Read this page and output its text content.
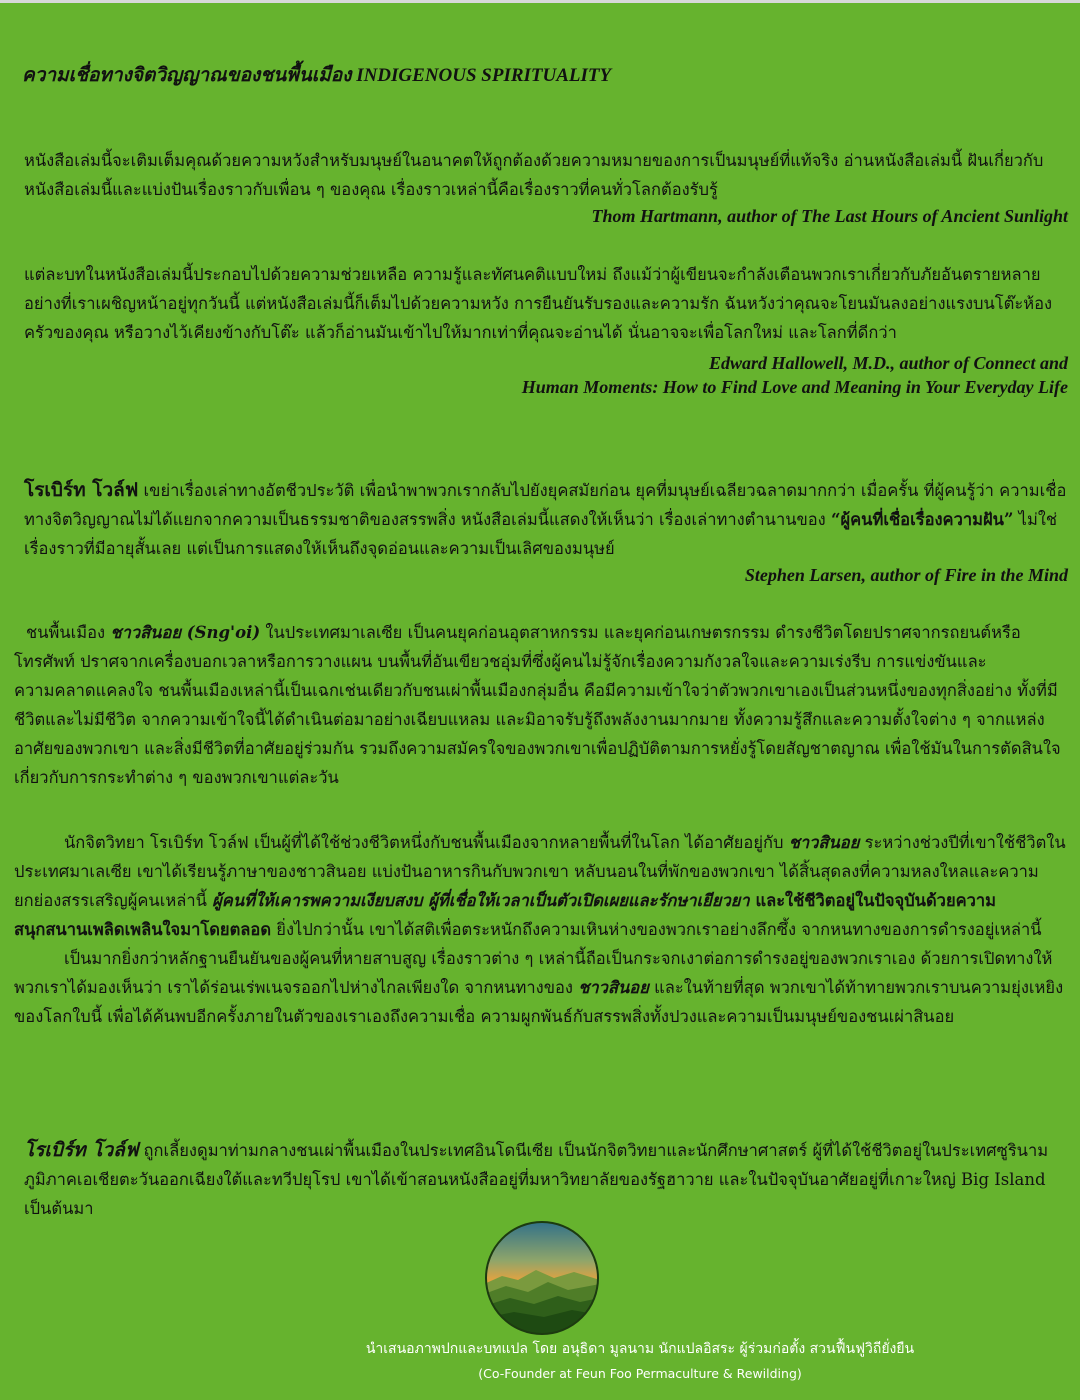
ความเชื่อทางจิตวิญญาณของชนพื้นเมือง INDIGENOUS SPIRITUALITY

หนังสือเล่มนี้จะเติมเต็มคุณด้วยความหวังสำหรับมนุษย์ในอนาคตให้ถูกต้องด้วยความหมายของการเป็นมนุษย์ที่แท้จริง อ่านหนังสือเล่มนี้ ฝันเกี่ยวกับหนังสือเล่มนี้และแบ่งปันเรื่องราวกับเพื่อน ๆ ของคุณ เรื่องราวเหล่านี้คือเรื่องราวที่คนทั่วโลกต้องรับรู้

Thom Hartmann, author of The Last Hours of Ancient Sunlight

แต่ละบทในหนังสือเล่มนี้ประกอบไปด้วยความช่วยเหลือ ความรู้และทัศนคติแบบใหม่ ถึงแม้ว่าผู้เขียนจะกำลังเตือนพวกเราเกี่ยวกับภัยอันตรายหลายอย่างที่เราเผชิญหน้าอยู่ทุกวันนี้ แต่หนังสือเล่มนี้ก็เต็มไปด้วยความหวัง การยืนยันรับรองและความรัก ฉันหวังว่าคุณจะโยนมันลงอย่างแรงบนโต๊ะห้องครัวของคุณ หรือวางไว้เคียงข้างกับโต๊ะ แล้วก็อ่านมันเข้าไปให้มากเท่าที่คุณจะอ่านได้ นั่นอาจจะเพื่อโลกใหม่ และโลกที่ดีกว่า

Edward Hallowell, M.D., author of Connect and

Human Moments: How to Find Love and Meaning in Your Everyday Life

โรเบิร์ท โวล์ฟ เขย่าเรื่องเล่าทางอัตชีวประวัติ เพื่อนำพาพวกเรากลับไปยังยุคสมัยก่อน ยุคที่มนุษย์เฉลียวฉลาดมากกว่า เมื่อครั้น ที่ผู้คนรู้ว่า ความเชื่อทางจิตวิญญาณไม่ได้แยกจากความเป็นธรรมชาติของสรรพสิ่ง หนังสือเล่มนี้แสดงให้เห็นว่า เรื่องเล่าทางตำนานของ “ผู้คนที่เชื่อเรื่องความฝัน” ไม่ใช่เรื่องราวที่มีอายุสั้นเลย แต่เป็นการแสดงให้เห็นถึงจุดอ่อนและความเป็นเลิศของมนุษย์

Stephen Larsen, author of Fire in the Mind

ชนพื้นเมือง ชาวสินอย (Sng'oi) ในประเทศมาเลเซีย เป็นคนยุคก่อนอุตสาหกรรม และยุคก่อนเกษตรกรรม ดำรงชีวิตโดยปราศจากรถยนต์หรือโทรศัพท์ ปราศจากเครื่องบอกเวลาหรือการวางแผน บนพื้นที่อันเขียวชอุ่มที่ซึ่งผู้คนไม่รู้จักเรื่องความกังวลใจและความเร่งรีบ การแข่งขันและความคลาดแคลงใจ ชนพื้นเมืองเหล่านี้เป็นเฉกเช่นเดียวกับชนเผ่าพื้นเมืองกลุ่มอื่น คือมีความเข้าใจว่าตัวพวกเขาเองเป็นส่วนหนึ่งของทุกสิ่งอย่าง ทั้งที่มีชีวิตและไม่มีชีวิต จากความเข้าใจนี้ได้ดำเนินต่อมาอย่างเฉียบแหลม และมิอาจรับรู้ถึงพลังงานมากมาย ทั้งความรู้สึกและความตั้งใจต่าง ๆ จากแหล่งอาศัยของพวกเขา และสิ่งมีชีวิตที่อาศัยอยู่ร่วมกัน รวมถึงความสมัครใจของพวกเขาเพื่อปฏิบัติตามการหยั่งรู้โดยสัญชาตญาณ เพื่อใช้มันในการตัดสินใจเกี่ยวกับการกระทำต่าง ๆ ของพวกเขาแต่ละวัน

นักจิตวิทยา โรเบิร์ท โวล์ฟ เป็นผู้ที่ได้ใช้ช่วงชีวิตหนึ่งกับชนพื้นเมืองจากหลายพื้นที่ในโลก ได้อาศัยอยู่กับ ชาวสินอย ระหว่างช่วงปีที่เขาใช้ชีวิตในประเทศมาเลเซีย เขาได้เรียนรู้ภาษาของชาวสินอย แบ่งปันอาหารกินกับพวกเขา หลับนอนในที่พักของพวกเขา ได้สิ้นสุดลงที่ความหลงใหลและความยกย่องสรรเสริญผู้คนเหล่านี้ ผู้คนที่ให้เคารพความเงียบสงบ ผู้ที่เชื่อให้เวลาเป็นตัวเปิดเผยและรักษาเยียวยา และใช้ชีวิตอยู่ในปัจจุบันด้วยความสนุกสนานเพลิดเพลินใจมาโดยตลอด ยิ่งไปกว่านั้น เขาได้สติเพื่อตระหนักถึงความเหินห่างของพวกเราอย่างลึกซึ้ง จากหนทางของการดำรงอยู่เหล่านี้

เป็นมากยิ่งกว่าหลักฐานยืนยันของผู้คนที่หายสาบสูญ เรื่องราวต่าง ๆ เหล่านี้ถือเป็นกระจกเงาต่อการดำรงอยู่ของพวกเราเอง ด้วยการเปิดทางให้พวกเราได้มองเห็นว่า เราได้ร่อนเร่พเนจรออกไปห่างไกลเพียงใด จากหนทางของ ชาวสินอย และในท้ายที่สุด พวกเขาได้ท้าทายพวกเราบนความยุ่งเหยิงของโลกใบนี้ เพื่อได้ค้นพบอีกครั้งภายในตัวของเราเองถึงความเชื่อ ความผูกพันธ์กับสรรพสิ่งทั้งปวงและความเป็นมนุษย์ของชนเผ่าสินอย

โรเบิร์ท โวล์ฟ ถูกเลี้ยงดูมาท่ามกลางชนเผ่าพื้นเมืองในประเทศอินโดนีเซีย เป็นนักจิตวิทยาและนักศึกษาศาสตร์ ผู้ที่ได้ใช้ชีวิตอยู่ในประเทศซูรินาม ภูมิภาคเอเชียตะวันออกเฉียงใต้และทวีปยุโรป เขาได้เข้าสอนหนังสืออยู่ที่มหาวิทยาลัยของรัฐฮาวาย และในปัจจุบันอาศัยอยู่ที่เกาะใหญ่ Big Island เป็นต้นมา

นำเสนอภาพปกและบทแปล โดย อนุธิดา มูลนาม นักแปลอิสระ ผู้ร่วมก่อตั้ง สวนฟื้นฟูวิถียั่งยืน
(Co-Founder at Feun Foo Permaculture & Rewilding)
